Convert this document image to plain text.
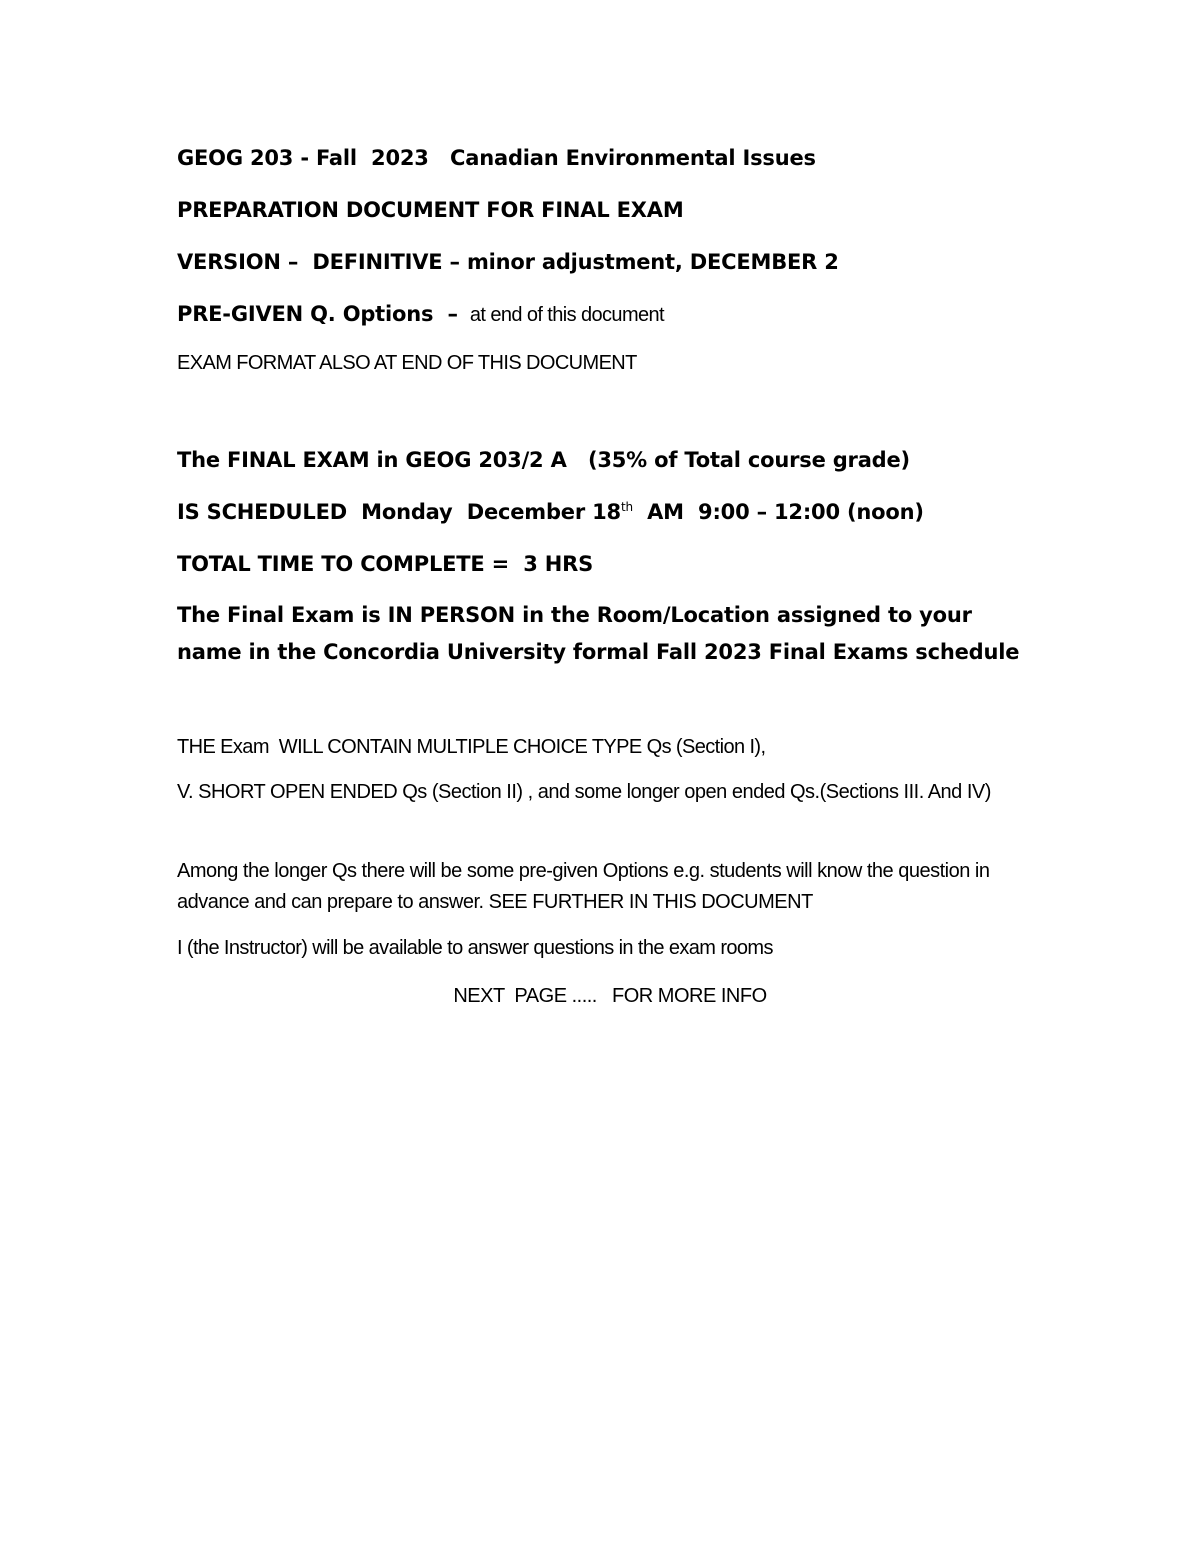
GEOG 203 - Fall  2023   Canadian Environmental Issues
PREPARATION DOCUMENT FOR FINAL EXAM
VERSION –  DEFINITIVE – minor adjustment, DECEMBER 2
PRE-GIVEN Q. Options  –  at end of this document
EXAM FORMAT ALSO AT END OF THIS DOCUMENT
The FINAL EXAM in GEOG 203/2 A   (35% of Total course grade)
IS SCHEDULED  Monday  December 18th  AM  9:00 – 12:00 (noon)
TOTAL TIME TO COMPLETE =  3 HRS
The Final Exam is IN PERSON in the Room/Location assigned to your name in the Concordia University formal Fall 2023 Final Exams schedule
THE Exam  WILL CONTAIN MULTIPLE CHOICE TYPE Qs (Section I),
V. SHORT OPEN ENDED Qs (Section II) , and some longer open ended Qs.(Sections III. And IV)
Among the longer Qs there will be some pre-given Options e.g. students will know the question in advance and can prepare to answer. SEE FURTHER IN THIS DOCUMENT
I (the Instructor) will be available to answer questions in the exam rooms
NEXT  PAGE .....   FOR MORE INFO
